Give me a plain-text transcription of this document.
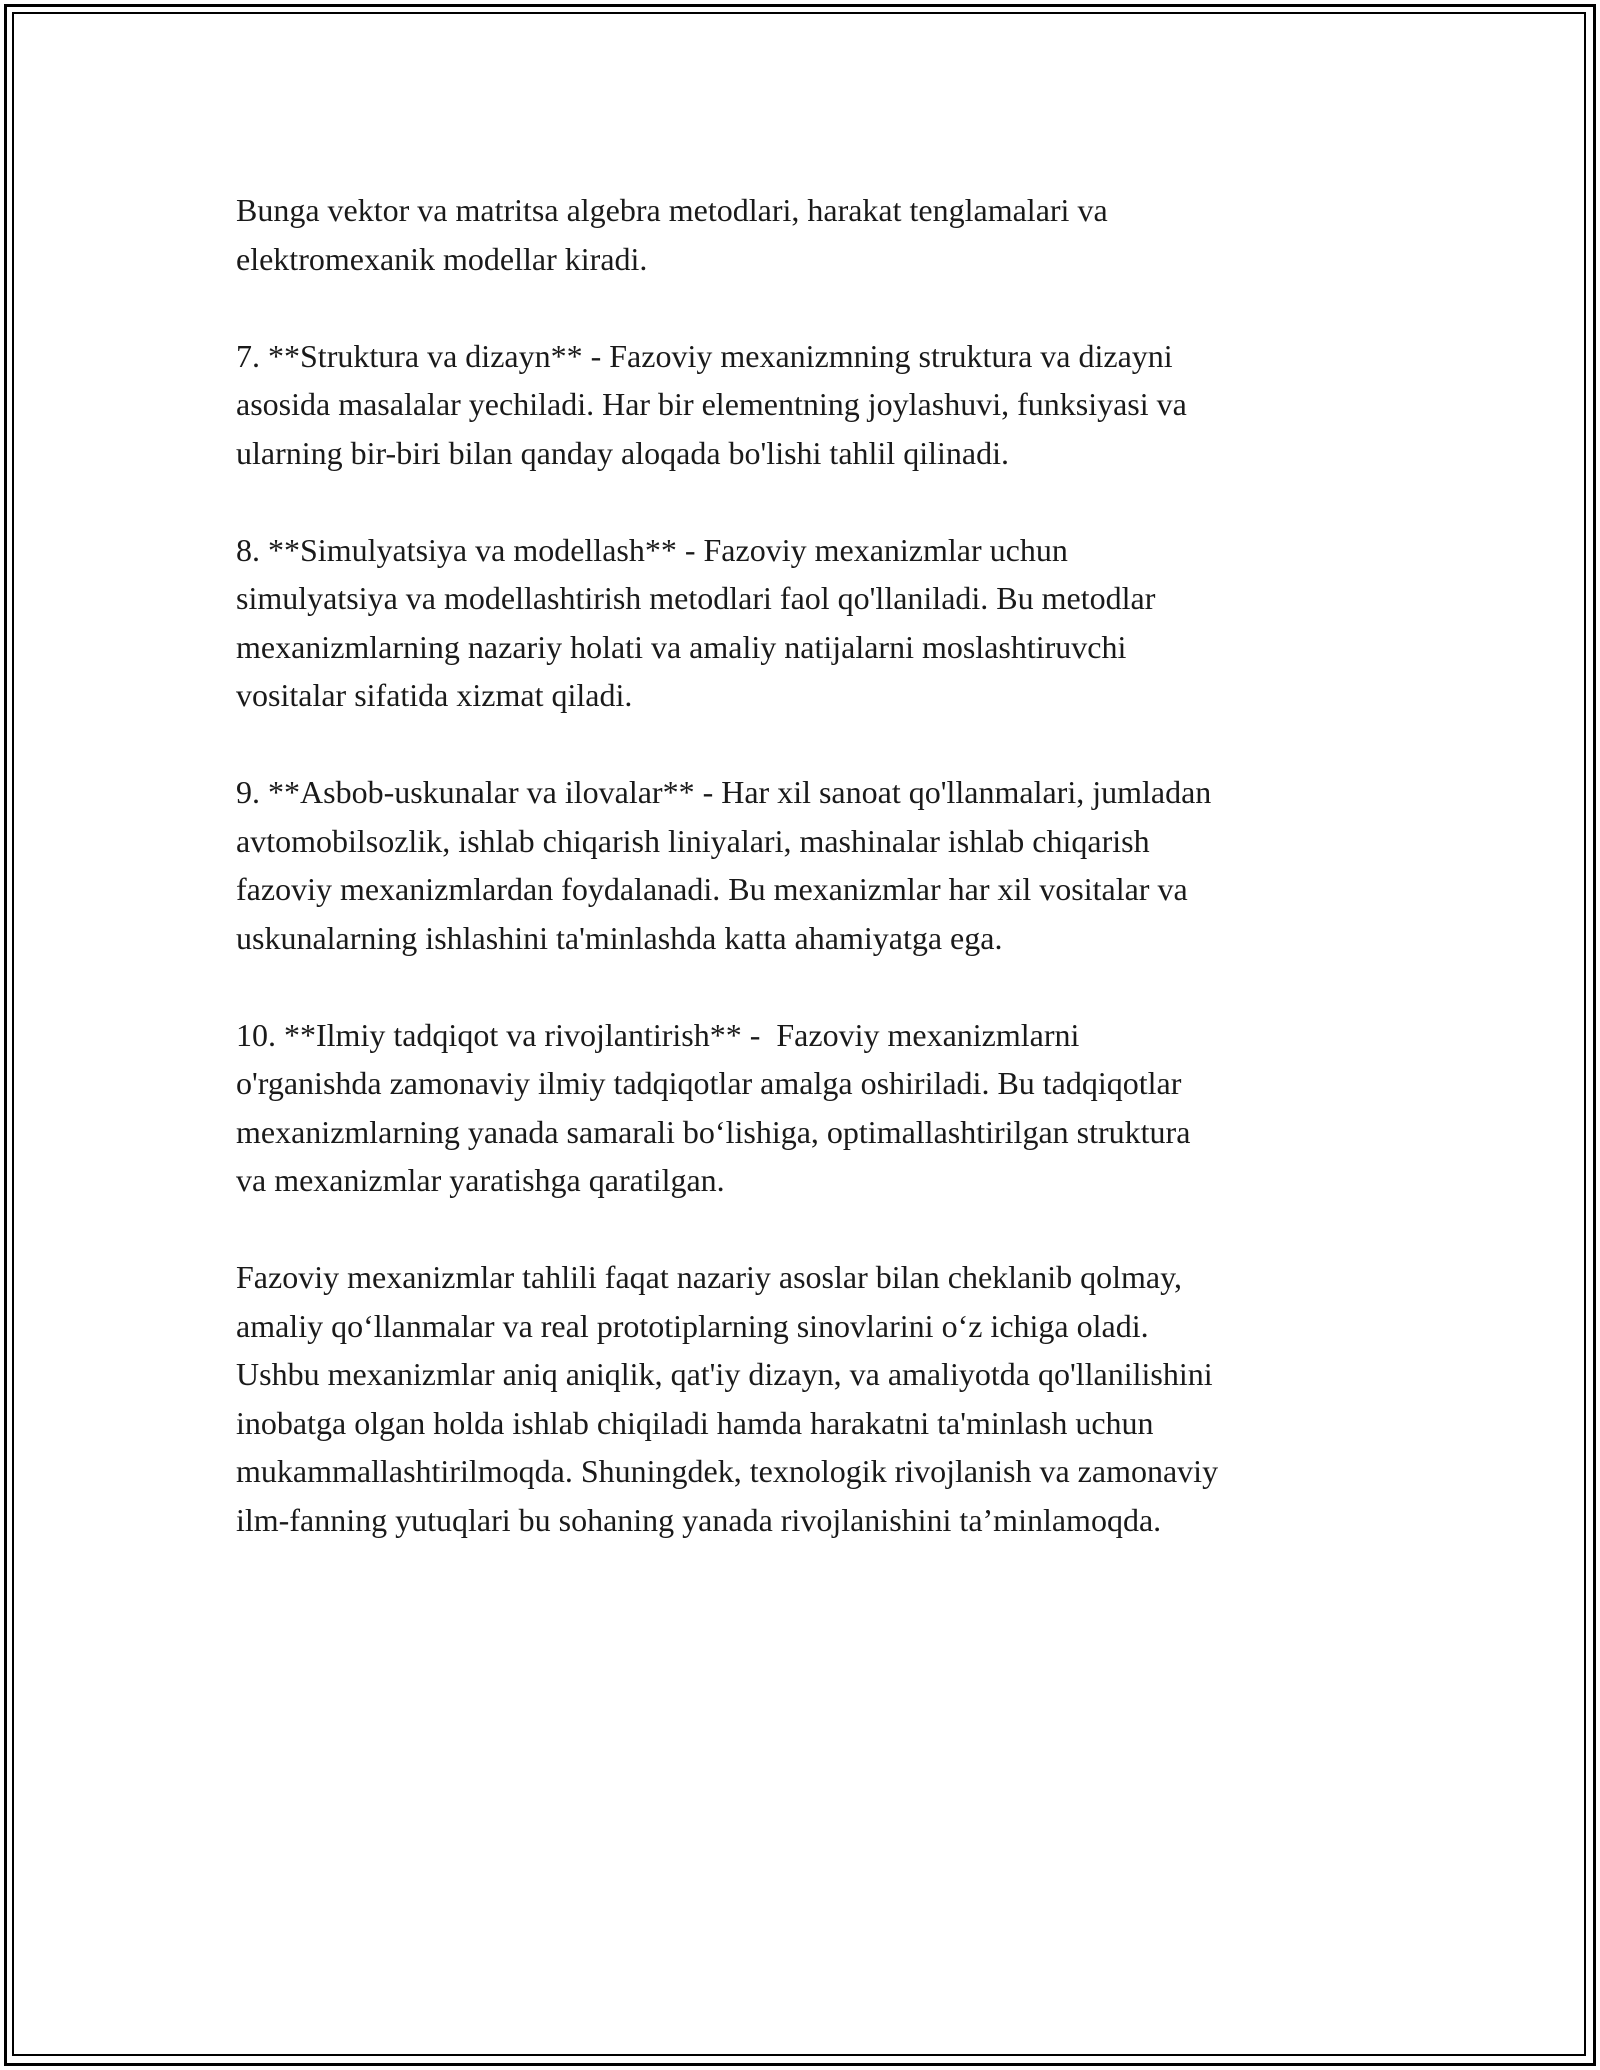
Bunga vektor va matritsa algebra metodlari, harakat tenglamalari va
elektromexanik modellar kiradi.

7. **Struktura va dizayn** - Fazoviy mexanizmning struktura va dizayni
asosida masalalar yechiladi. Har bir elementning joylashuvi, funksiyasi va
ularning bir-biri bilan qanday aloqada bo'lishi tahlil qilinadi.

8. **Simulyatsiya va modellash** - Fazoviy mexanizmlar uchun
simulyatsiya va modellashtirish metodlari faol qo'llaniladi. Bu metodlar
mexanizmlarning nazariy holati va amaliy natijalarni moslashtiruvchi
vositalar sifatida xizmat qiladi.

9. **Asbob-uskunalar va ilovalar** - Har xil sanoat qo'llanmalari, jumladan
avtomobilsozlik, ishlab chiqarish liniyalari, mashinalar ishlab chiqarish
fazoviy mexanizmlardan foydalanadi. Bu mexanizmlar har xil vositalar va
uskunalarning ishlashini ta'minlashda katta ahamiyatga ega.

10. **Ilmiy tadqiqot va rivojlantirish** -  Fazoviy mexanizmlarni
o'rganishda zamonaviy ilmiy tadqiqotlar amalga oshiriladi. Bu tadqiqotlar
mexanizmlarning yanada samarali bo‘lishiga, optimallashtirilgan struktura
va mexanizmlar yaratishga qaratilgan.

Fazoviy mexanizmlar tahlili faqat nazariy asoslar bilan cheklanib qolmay,
amaliy qo‘llanmalar va real prototiplarning sinovlarini o‘z ichiga oladi.
Ushbu mexanizmlar aniq aniqlik, qat'iy dizayn, va amaliyotda qo'llanilishini
inobatga olgan holda ishlab chiqiladi hamda harakatni ta'minlash uchun
mukammallashtirilmoqda. Shuningdek, texnologik rivojlanish va zamonaviy
ilm-fanning yutuqlari bu sohaning yanada rivojlanishini ta’minlamoqda.
